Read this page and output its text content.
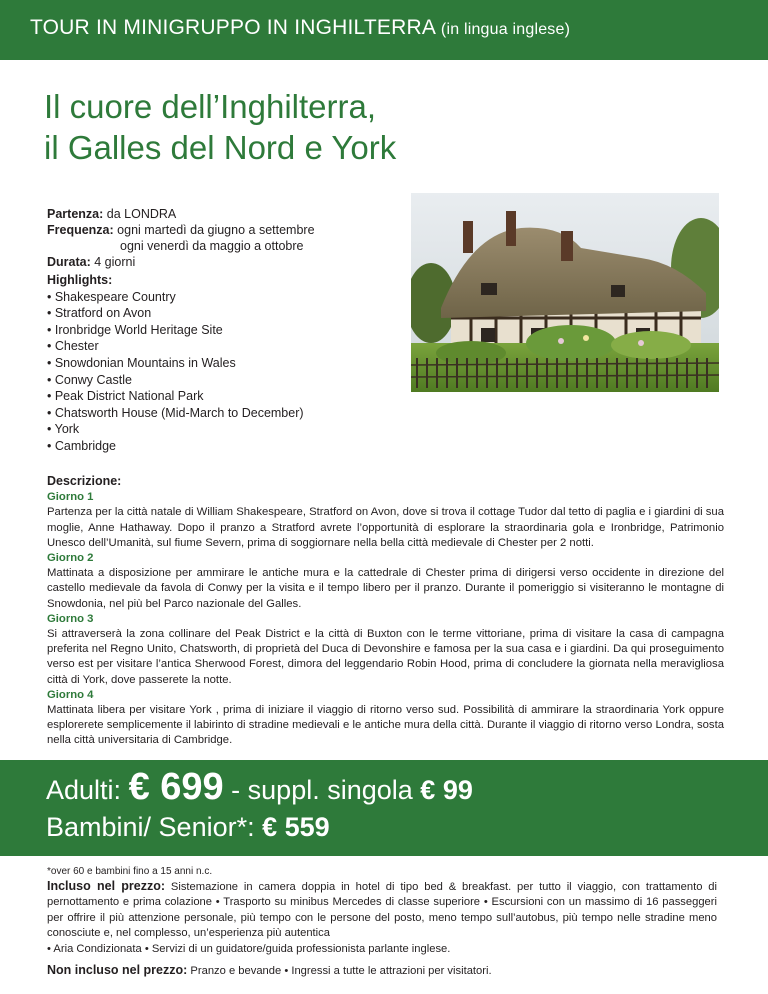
TOUR IN MINIGRUPPO IN INGHILTERRA (in lingua inglese)
Il cuore dell’Inghilterra,
il Galles del Nord e York
Partenza: da LONDRA
Frequenza: ogni martedì da giugno a settembre
ogni venerdì da maggio a ottobre
Durata: 4 giorni
Highlights:
• Shakespeare Country
• Stratford on Avon
• Ironbridge World Heritage Site
• Chester
• Snowdonian Mountains in Wales
• Conwy Castle
• Peak District National Park
• Chatsworth House (Mid-March to December)
• York
• Cambridge
Descrizione:
Giorno 1
Partenza per la città natale di William Shakespeare, Stratford on Avon, dove si trova il cottage Tudor dal tetto di paglia e i giardini di sua moglie, Anne Hathaway. Dopo il pranzo a Stratford avrete l’opportunità di esplorare la straordinaria gola e Ironbridge, Patrimonio Unesco dell’Umanità, sul fiume Severn, prima di soggiornare nella bella città medievale di Chester per 2 notti.
Giorno 2
Mattinata a disposizione per ammirare le antiche mura e la cattedrale di Chester prima di dirigersi verso occidente in direzione del castello medievale da favola di Conwy per la visita e il tempo libero per il pranzo. Durante il pomeriggio si visiteranno le montagne di Snowdonia, nel più bel Parco nazionale del Galles.
Giorno 3
Si attraverserà la zona collinare del Peak District e la città di Buxton con le terme vittoriane, prima di visitare la casa di campagna preferita nel Regno Unito, Chatsworth, di proprietà del Duca di Devonshire e famosa per la sua casa e i giardini. Da qui proseguimento verso est per visitare l’antica Sherwood Forest, dimora del leggendario Robin Hood, prima di concludere la giornata nella meravigliosa città di York, dove passerete la notte.
Giorno 4
Mattinata libera per visitare York , prima di iniziare il viaggio di ritorno verso sud. Possibilità di ammirare la straordinaria York oppure esplorerete semplicemente il labirinto di stradine medievali e le antiche mura della città. Durante il viaggio di ritorno verso Londra, sosta nella città universitaria di Cambridge.
Adulti: € 699 - suppl. singola € 99
Bambini/ Senior*: € 559
*over 60 e bambini fino a 15 anni n.c.
Incluso nel prezzo: Sistemazione in camera doppia in hotel di tipo bed & breakfast. per tutto il viaggio, con trattamento di pernottamento e prima colazione • Trasporto su minibus Mercedes di classe superiore • Escursioni con un massimo di 16 passeggeri per offrire il più attenzione personale, più tempo con le persone del posto, meno tempo sull’autobus, più tempo nelle stradine meno conosciute e, nel complesso, un’esperienza più autentica
• Aria Condizionata • Servizi di un guidatore/guida professionista parlante inglese.
Non incluso nel prezzo: Pranzo e bevande • Ingressi a tutte le attrazioni per visitatori.
